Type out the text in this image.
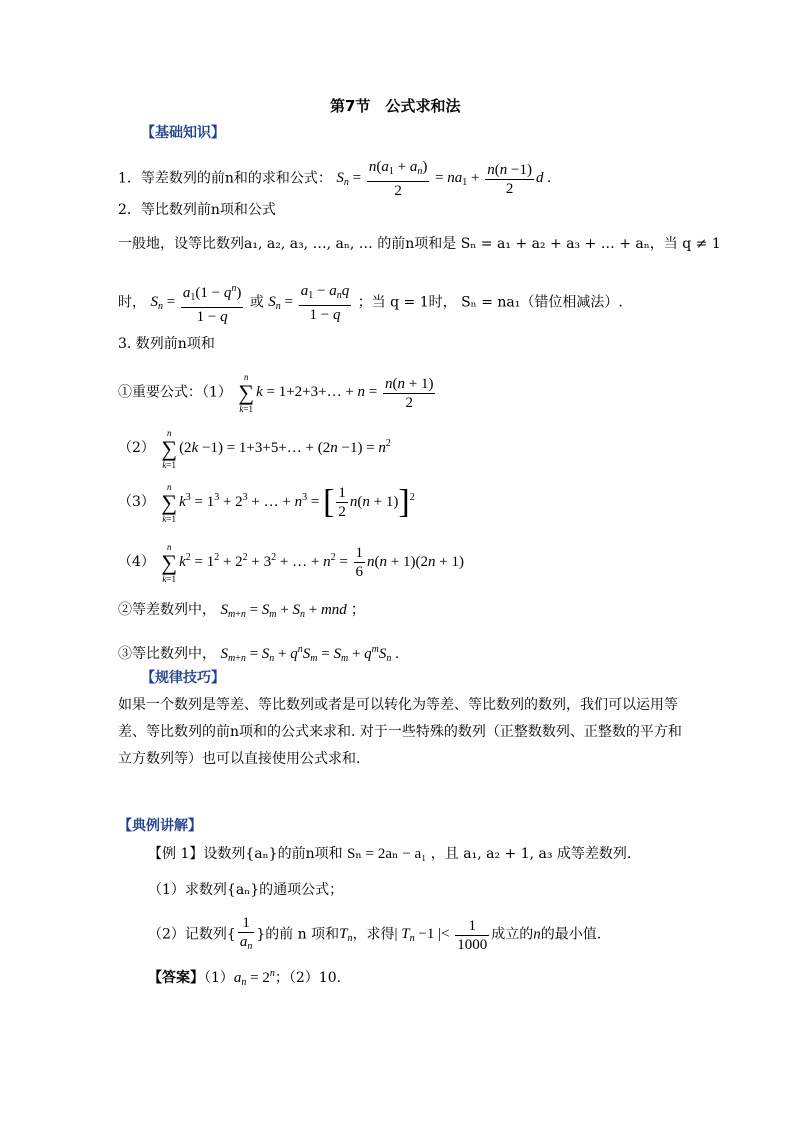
第7节　公式求和法
【基础知识】
1．等差数列的前n和的求和公式： $S_n = \frac{n(a_1 + a_n)}{2} = na_1 + \frac{n(n -1)}{2}$ d .
2．等比数列前n项和公式
一般地，设等比数列a₁, a₂, a₃, …, aₙ, … 的前n项和是 Sₙ = a₁ + a₂ + a₃ + … + aₙ，当 q ≠ 1
时， $S_n = \frac{a_1(1 - q^n)}{1 - q}$ 或 $S_n = \frac{a_1 - a_nq}{1 - q}$ ；当 q = 1时， Sₙ = na₁（错位相减法）.
3. 数列前n项和
①重要公式：（1） n
∑
k=1k = 1+2+3+… + $n = \frac{n(n + 1)}{2}$
（2） n
∑
k=1(2k −1) = 1+3+5+… + $(2n -1) = n^2$
（3） n
∑
$k=1k^3 = 1^3 + 2^3$ + … + $n^3$ = [ $\frac{1}{2} n(n + 1)]^2$
（4） n
∑
$k=1k^2 = 1^2 + 2^2 + 3^2$ + … + $n^2 = \frac{1}{6} n(n + 1)(2n + 1)$
②等差数列中， $S_{m+n} = S_m + S_n$ + mnd ；
③等比数列中， $S_{m+n} = S_n + q^nS_m = S_m + q^mS_n$ .
【规律技巧】
如果一个数列是等差、等比数列或者是可以转化为等差、等比数列的数列，我们可以运用等差、等比数列的前n项和的公式来求和. 对于一些特殊的数列（正整数数列、正整数的平方和立方数列等）也可以直接使用公式求和.
【典例讲解】
【例 1】设数列{aₙ}的前n项和 Sₙ = 2aₙ − a₁ ，且 a₁, a₂ + 1, a₃ 成等差数列.
（1）求数列{aₙ}的通项公式；
（2）记数列{ $\frac{1}{a_n}$ }的前 n 项和$T_n$，求得| $T_n -1$ |< $\frac{1}{1000}$ 成立的n的最小值.
【答案】$(1)a_n = 2^n$；（2）10.
